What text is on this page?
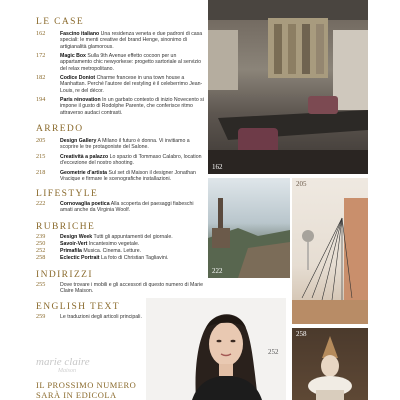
LE CASE
162	Fascino italiano Una residenza veneta e due padroni di casa speciali: le menti creative del brand Henge, sinonimo di artigianalità glamorous.
172	Magic Box Sulla 9th Avenue effetto cocoon per un appartamento chic newyorkese: progetto sartoriale al servizio del relax metropolitano.
182	Codice Doniot Charme francese in una town house a Manhattan. Perché l'autore del restyling è il celeberrimo Jean-Louis, re del décor.
194	Paris rénovation In un garbato contesto di inizio Novecento si impone il gusto di Rodolphe Parente, che conferisce ritmo attraverso audaci contrasti.
ARREDO
205	Design Gallery A Milano il futuro è donna. Vi invitiamo a scoprire le tre protagoniste del Salone.
215	Creatività a palazzo Lo spazio di Tommaso Calabro, location d'eccezione del nostro shooting.
218	Geometrie d'artista Sul set di Maison il designer Jonathan Vracique e firmare le scenografiche installazioni.
LIFESTYLE
222	Cornovaglia poetica Alla scoperta dei paesaggi fiabeschi amati anche da Virginia Woolf.
RUBRICHE
239	Design Week Tutti gli appuntamenti del giornale.
250	Savoir-Vert Incantesimo vegetale.
252	Primafila Musica. Cinema. Letture.
258	Eclectic Portrait La foto di Christian Tagliavini.
INDIRIZZI
255	Dove trovare i mobili e gli accessori di questo numero di Marie Claire Maison.
ENGLISH TEXT
259	Le traduzioni degli articoli principali.
marie claire
Maison
IL PROSSIMO NUMERO
SARÀ IN EDICOLA
162
222
205
252
258
